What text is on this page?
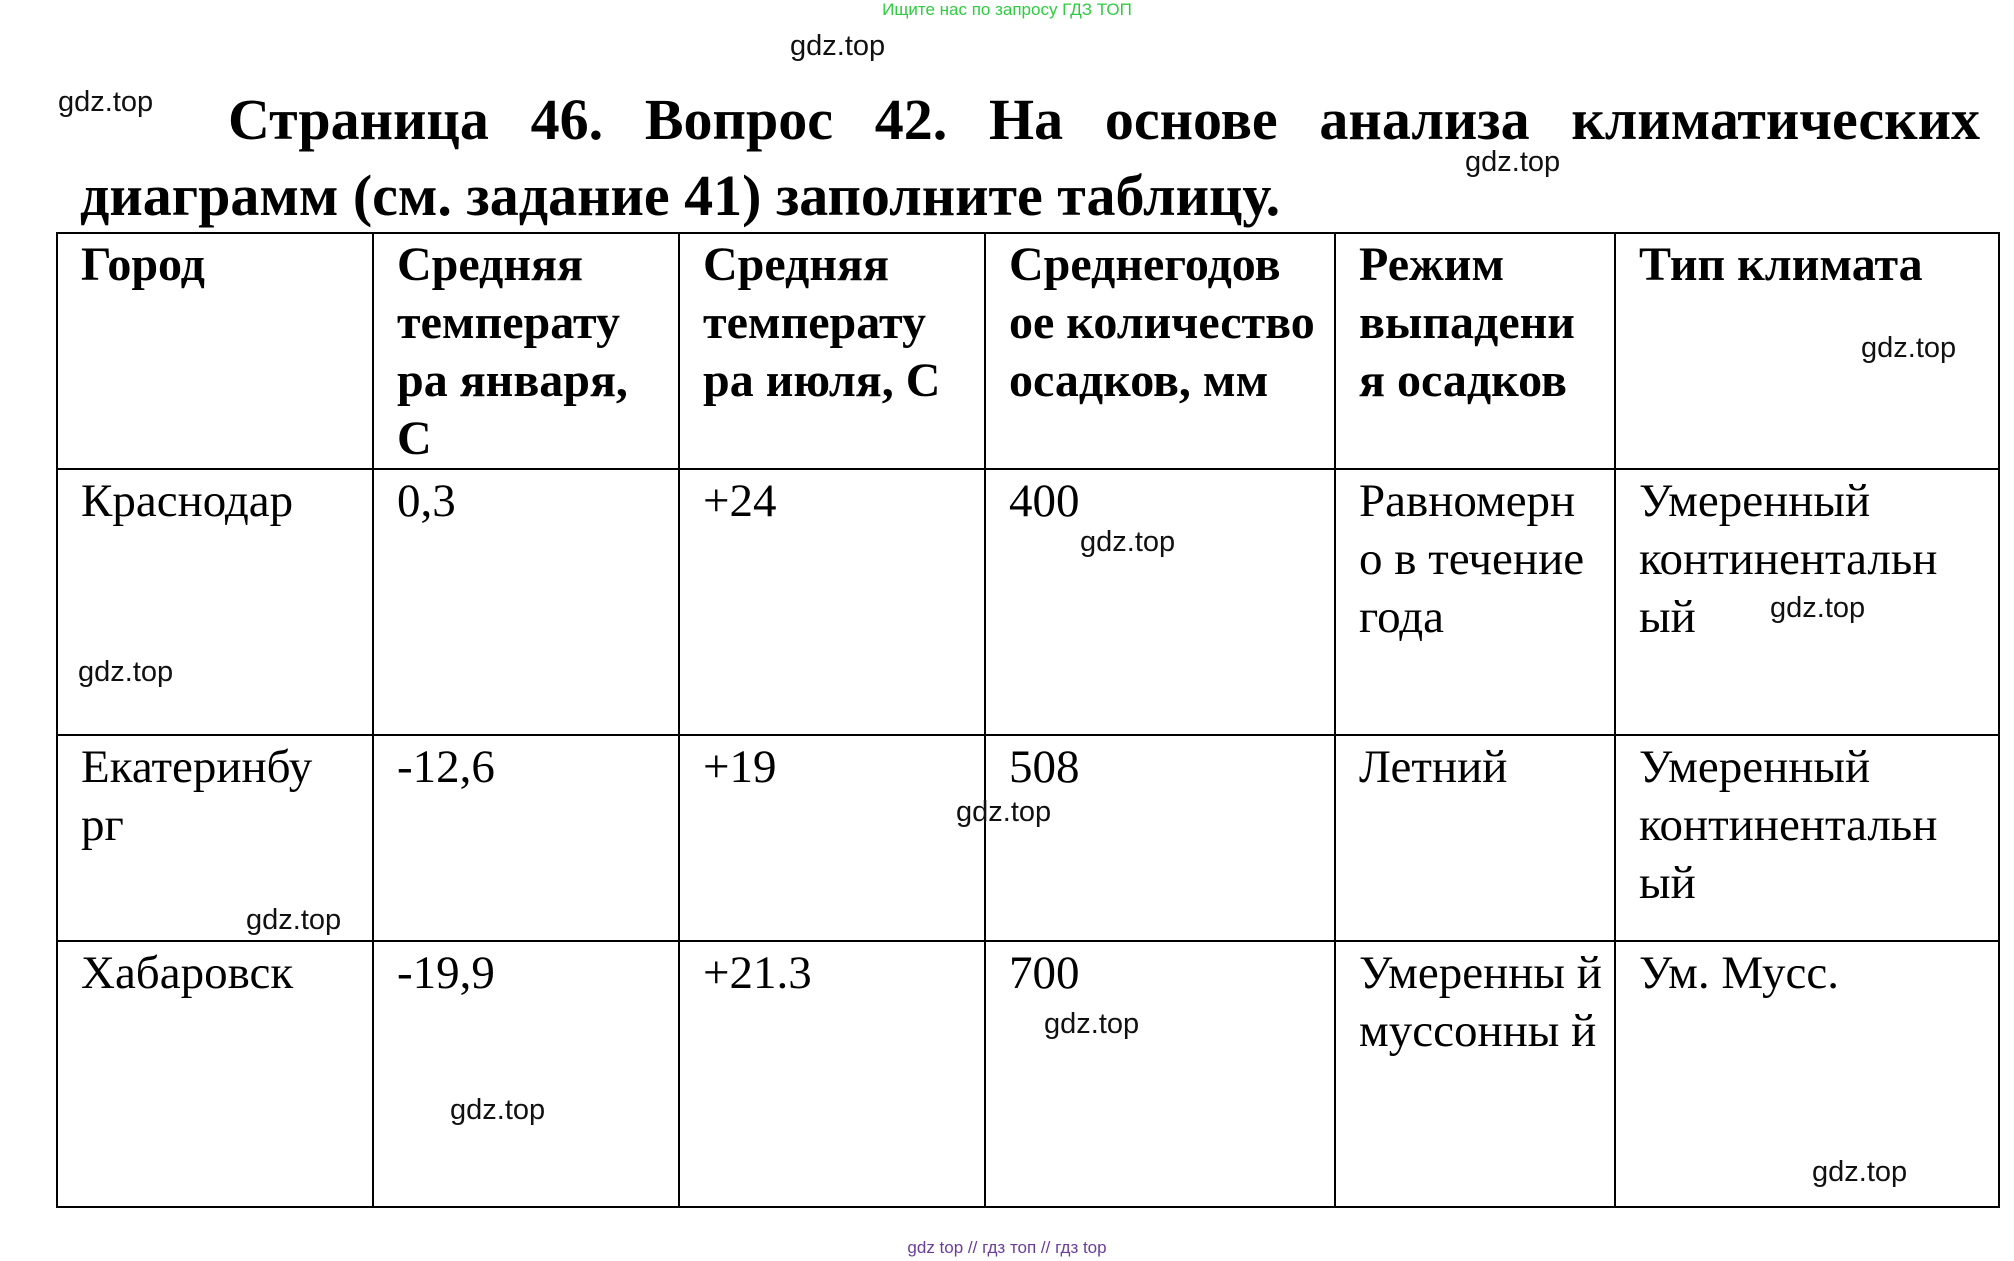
Ищите нас по запросу ГДЗ ТОП
Страница 46. Вопрос 42. На основе анализа климатических
диаграмм (см. задание 41) заполните таблицу.
Город	Средняя температу ра января, С	Средняя температу ра июля, С	Среднегодов ое количество осадков, мм	Режим выпадени я осадков	Тип климата
Краснодар	0,3	+24	400	Равномерн о в течение года	Умеренный континентальн ый
Екатеринбу рг	-12,6	+19	508	Летний	Умеренный континентальн ый
Хабаровск	-19,9	+21.3	700	Умеренны й муссонны й	Ум. Мусс.
gdz.top
gdz.top
gdz.top
gdz.top
gdz.top
gdz.top
gdz.top
gdz.top
gdz.top
gdz.top
gdz.top
gdz.top
gdz top // гдз топ // гдз top
